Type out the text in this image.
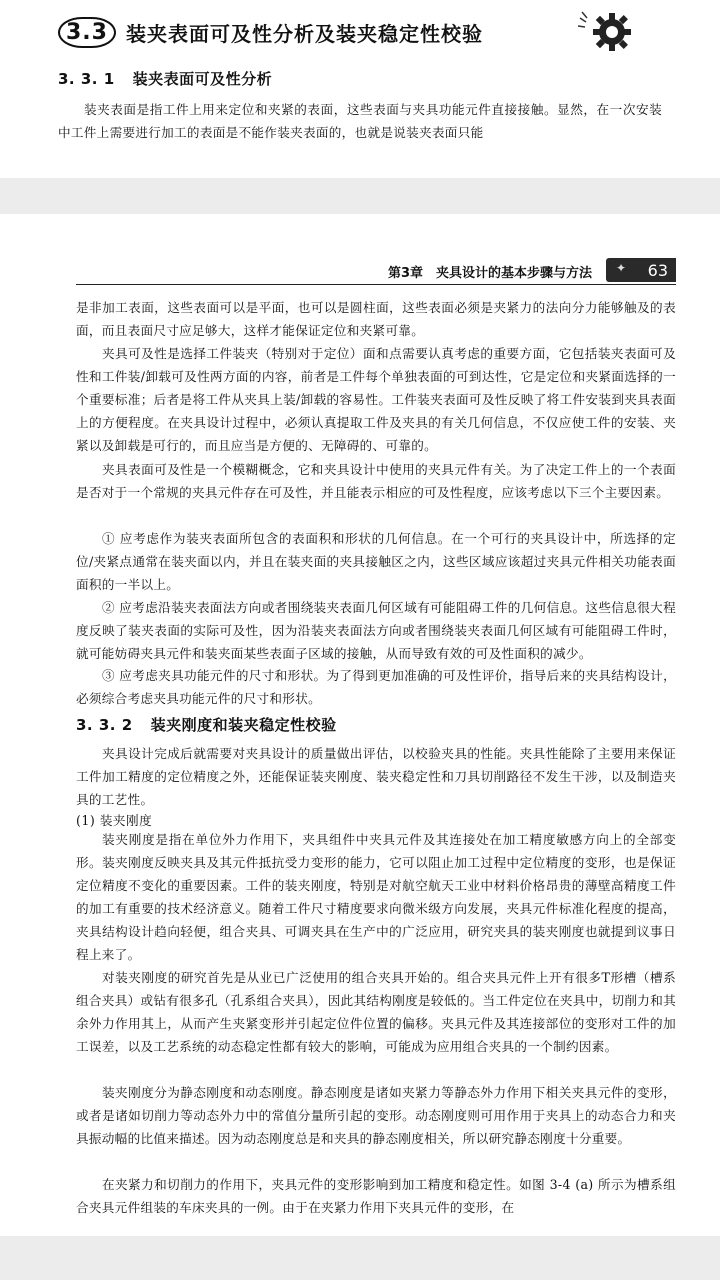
3.3 装夹表面可及性分析及装夹稳定性校验
3. 3. 1 装夹表面可及性分析
装夹表面是指工件上用来定位和夹紧的表面，这些表面与夹具功能元件直接接触。显然，在一次安装中工件上需要进行加工的表面是不能作装夹表面的，也就是说装夹表面只能
第3章　夹具设计的基本步骤与方法 ✦ 63
是非加工表面，这些表面可以是平面，也可以是圆柱面，这些表面必须是夹紧力的法向分力能够触及的表面，而且表面尺寸应足够大，这样才能保证定位和夹紧可靠。
夹具可及性是选择工件装夹（特别对于定位）面和点需要认真考虑的重要方面，它包括装夹表面可及性和工件装/卸载可及性两方面的内容，前者是工件每个单独表面的可到达性，它是定位和夹紧面选择的一个重要标准；后者是将工件从夹具上装/卸载的容易性。工件装夹表面可及性反映了将工件安装到夹具表面上的方便程度。在夹具设计过程中，必须认真提取工件及夹具的有关几何信息，不仅应使工件的安装、夹紧以及卸载是可行的，而且应当是方便的、无障碍的、可靠的。
夹具表面可及性是一个模糊概念，它和夹具设计中使用的夹具元件有关。为了决定工件上的一个表面是否对于一个常规的夹具元件存在可及性，并且能表示相应的可及性程度，应该考虑以下三个主要因素。
① 应考虑作为装夹表面所包含的表面积和形状的几何信息。在一个可行的夹具设计中，所选择的定位/夹紧点通常在装夹面以内，并且在装夹面的夹具接触区之内，这些区域应该超过夹具元件相关功能表面面积的一半以上。
② 应考虑沿装夹表面法方向或者围绕装夹表面几何区域有可能阻碍工件的几何信息。这些信息很大程度反映了装夹表面的实际可及性，因为沿装夹表面法方向或者围绕装夹表面几何区域有可能阻碍工件时，就可能妨碍夹具元件和装夹面某些表面子区域的接触，从而导致有效的可及性面积的减少。
③ 应考虑夹具功能元件的尺寸和形状。为了得到更加准确的可及性评价，指导后来的夹具结构设计，必须综合考虑夹具功能元件的尺寸和形状。
3. 3. 2 装夹刚度和装夹稳定性校验
夹具设计完成后就需要对夹具设计的质量做出评估，以校验夹具的性能。夹具性能除了主要用来保证工件加工精度的定位精度之外，还能保证装夹刚度、装夹稳定性和刀具切削路径不发生干涉，以及制造夹具的工艺性。
(1) 装夹刚度
装夹刚度是指在单位外力作用下，夹具组件中夹具元件及其连接处在加工精度敏感方向上的全部变形。装夹刚度反映夹具及其元件抵抗受力变形的能力，它可以阻止加工过程中定位精度的变形，也是保证定位精度不变化的重要因素。工件的装夹刚度，特别是对航空航天工业中材料价格昂贵的薄壁高精度工件的加工有重要的技术经济意义。随着工件尺寸精度要求向微米级方向发展，夹具元件标准化程度的提高，夹具结构设计趋向轻便，组合夹具、可调夹具在生产中的广泛应用，研究夹具的装夹刚度也就提到议事日程上来了。
对装夹刚度的研究首先是从业已广泛使用的组合夹具开始的。组合夹具元件上开有很多T形槽（槽系组合夹具）或钻有很多孔（孔系组合夹具），因此其结构刚度是较低的。当工件定位在夹具中，切削力和其余外力作用其上，从而产生夹紧变形并引起定位件位置的偏移。夹具元件及其连接部位的变形对工件的加工误差，以及工艺系统的动态稳定性都有较大的影响，可能成为应用组合夹具的一个制约因素。
装夹刚度分为静态刚度和动态刚度。静态刚度是诸如夹紧力等静态外力作用下相关夹具元件的变形，或者是诸如切削力等动态外力中的常值分量所引起的变形。动态刚度则可用作用于夹具上的动态合力和夹具振动幅的比值来描述。因为动态刚度总是和夹具的静态刚度相关，所以研究静态刚度十分重要。
在夹紧力和切削力的作用下，夹具元件的变形影响到加工精度和稳定性。如图 3-4 (a) 所示为槽系组合夹具元件组装的车床夹具的一例。由于在夹紧力作用下夹具元件的变形，在
